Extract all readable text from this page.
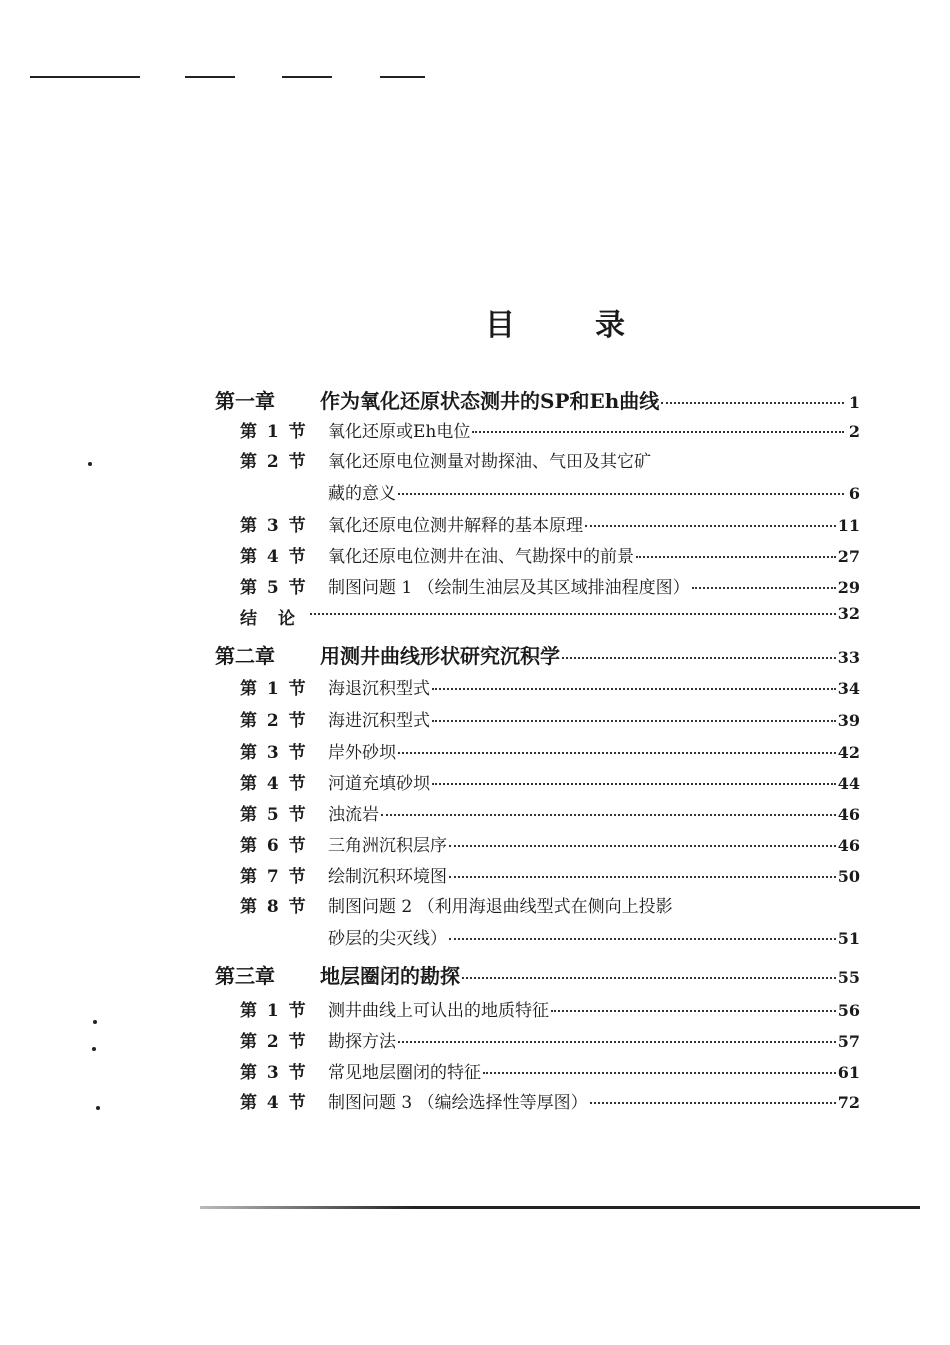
目	录
第一章 作为氧化还原状态测井的SP和Eh曲线	1
第 1 节 氧化还原或Eh电位	2
第 2 节 氧化还原电位测量对勘探油、气田及其它矿
藏的意义	6
第 3 节 氧化还原电位测井解释的基本原理	11
第 4 节 氧化还原电位测井在油、气勘探中的前景	27
第 5 节 制图问题 1 （绘制生油层及其区域排油程度图）	29
结　论	32
第二章 用测井曲线形状研究沉积学	33
第 1 节 海退沉积型式	34
第 2 节 海进沉积型式	39
第 3 节 岸外砂坝	42
第 4 节 河道充填砂坝	44
第 5 节 浊流岩	46
第 6 节 三角洲沉积层序	46
第 7 节 绘制沉积环境图	50
第 8 节 制图问题 2 （利用海退曲线型式在侧向上投影
砂层的尖灭线）	51
第三章 地层圈闭的勘探	55
第 1 节 测井曲线上可认出的地质特征	56
第 2 节 勘探方法	57
第 3 节 常见地层圈闭的特征	61
第 4 节 制图问题 3 （编绘选择性等厚图）	72
